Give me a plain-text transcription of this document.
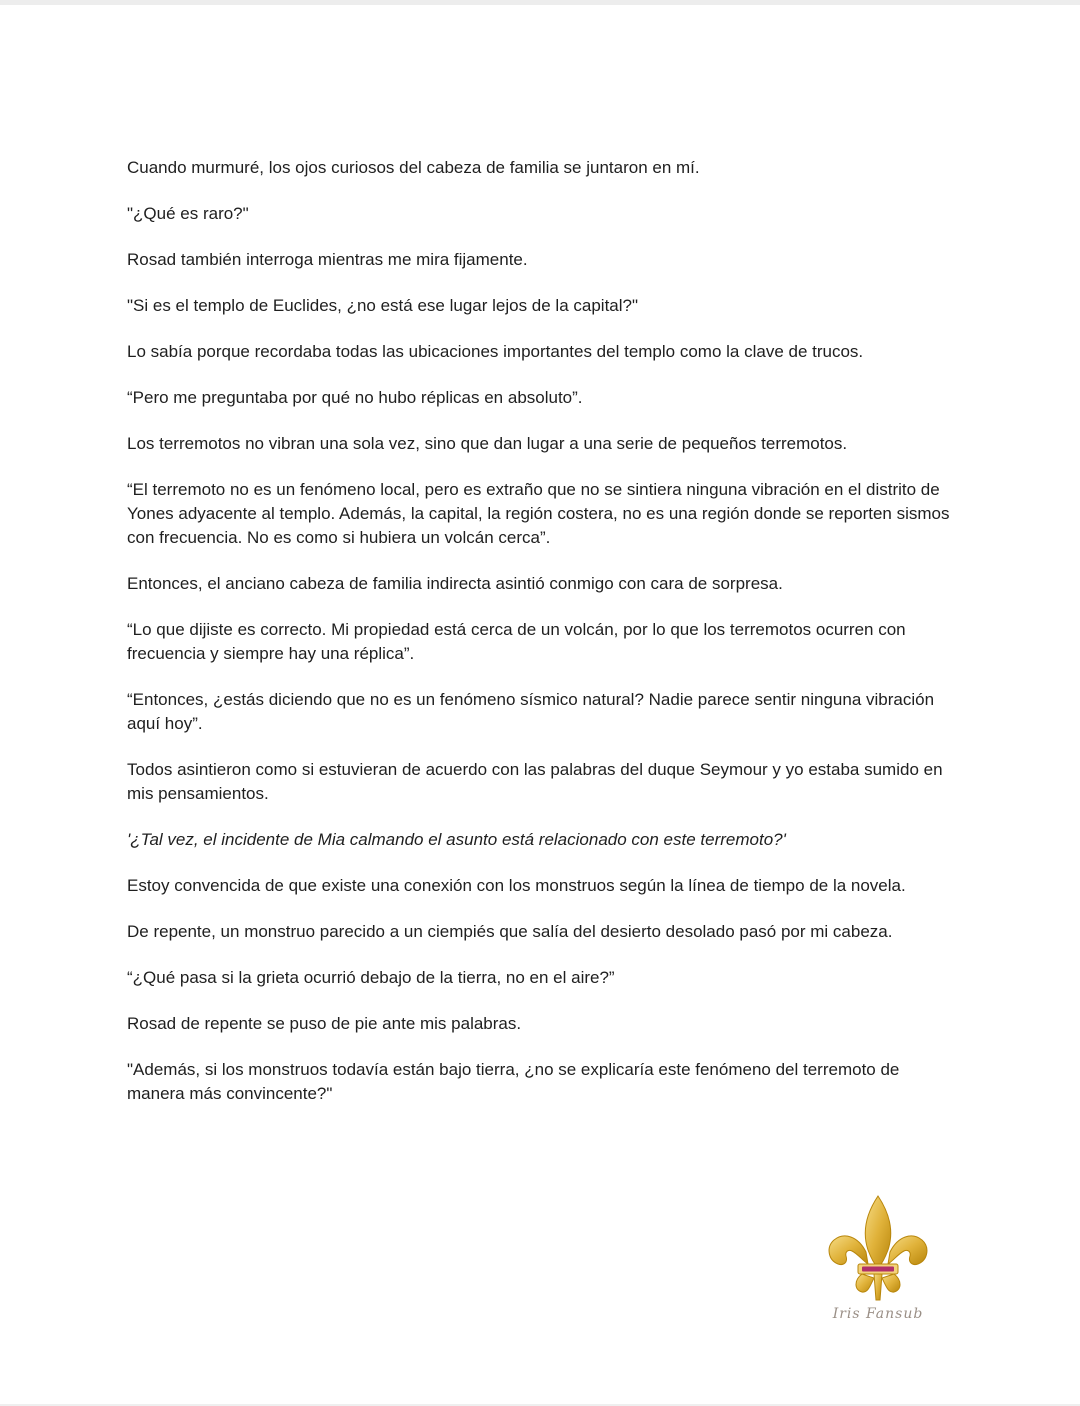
Cuando murmuré, los ojos curiosos del cabeza de familia se juntaron en mí.

"¿Qué es raro?"

Rosad también interroga mientras me mira fijamente.

"Si es el templo de Euclides, ¿no está ese lugar lejos de la capital?"

Lo sabía porque recordaba todas las ubicaciones importantes del templo como la clave de trucos.

“Pero me preguntaba por qué no hubo réplicas en absoluto”.

Los terremotos no vibran una sola vez, sino que dan lugar a una serie de pequeños terremotos.

“El terremoto no es un fenómeno local, pero es extraño que no se sintiera ninguna vibración en el distrito de Yones adyacente al templo. Además, la capital, la región costera, no es una región donde se reporten sismos con frecuencia. No es como si hubiera un volcán cerca”.

Entonces, el anciano cabeza de familia indirecta asintió conmigo con cara de sorpresa.

“Lo que dijiste es correcto. Mi propiedad está cerca de un volcán, por lo que los terremotos ocurren con frecuencia y siempre hay una réplica”.

“Entonces, ¿estás diciendo que no es un fenómeno sísmico natural? Nadie parece sentir ninguna vibración aquí hoy”.

Todos asintieron como si estuvieran de acuerdo con las palabras del duque Seymour y yo estaba sumido en mis pensamientos.

'¿Tal vez, el incidente de Mia calmando el asunto está relacionado con este terremoto?'

Estoy convencida de que existe una conexión con los monstruos según la línea de tiempo de la novela.

De repente, un monstruo parecido a un ciempiés que salía del desierto desolado pasó por mi cabeza.

“¿Qué pasa si la grieta ocurrió debajo de la tierra, no en el aire?”

Rosad de repente se puso de pie ante mis palabras.

"Además, si los monstruos todavía están bajo tierra, ¿no se explicaría este fenómeno del terremoto de manera más convincente?"

Iris Fansub
